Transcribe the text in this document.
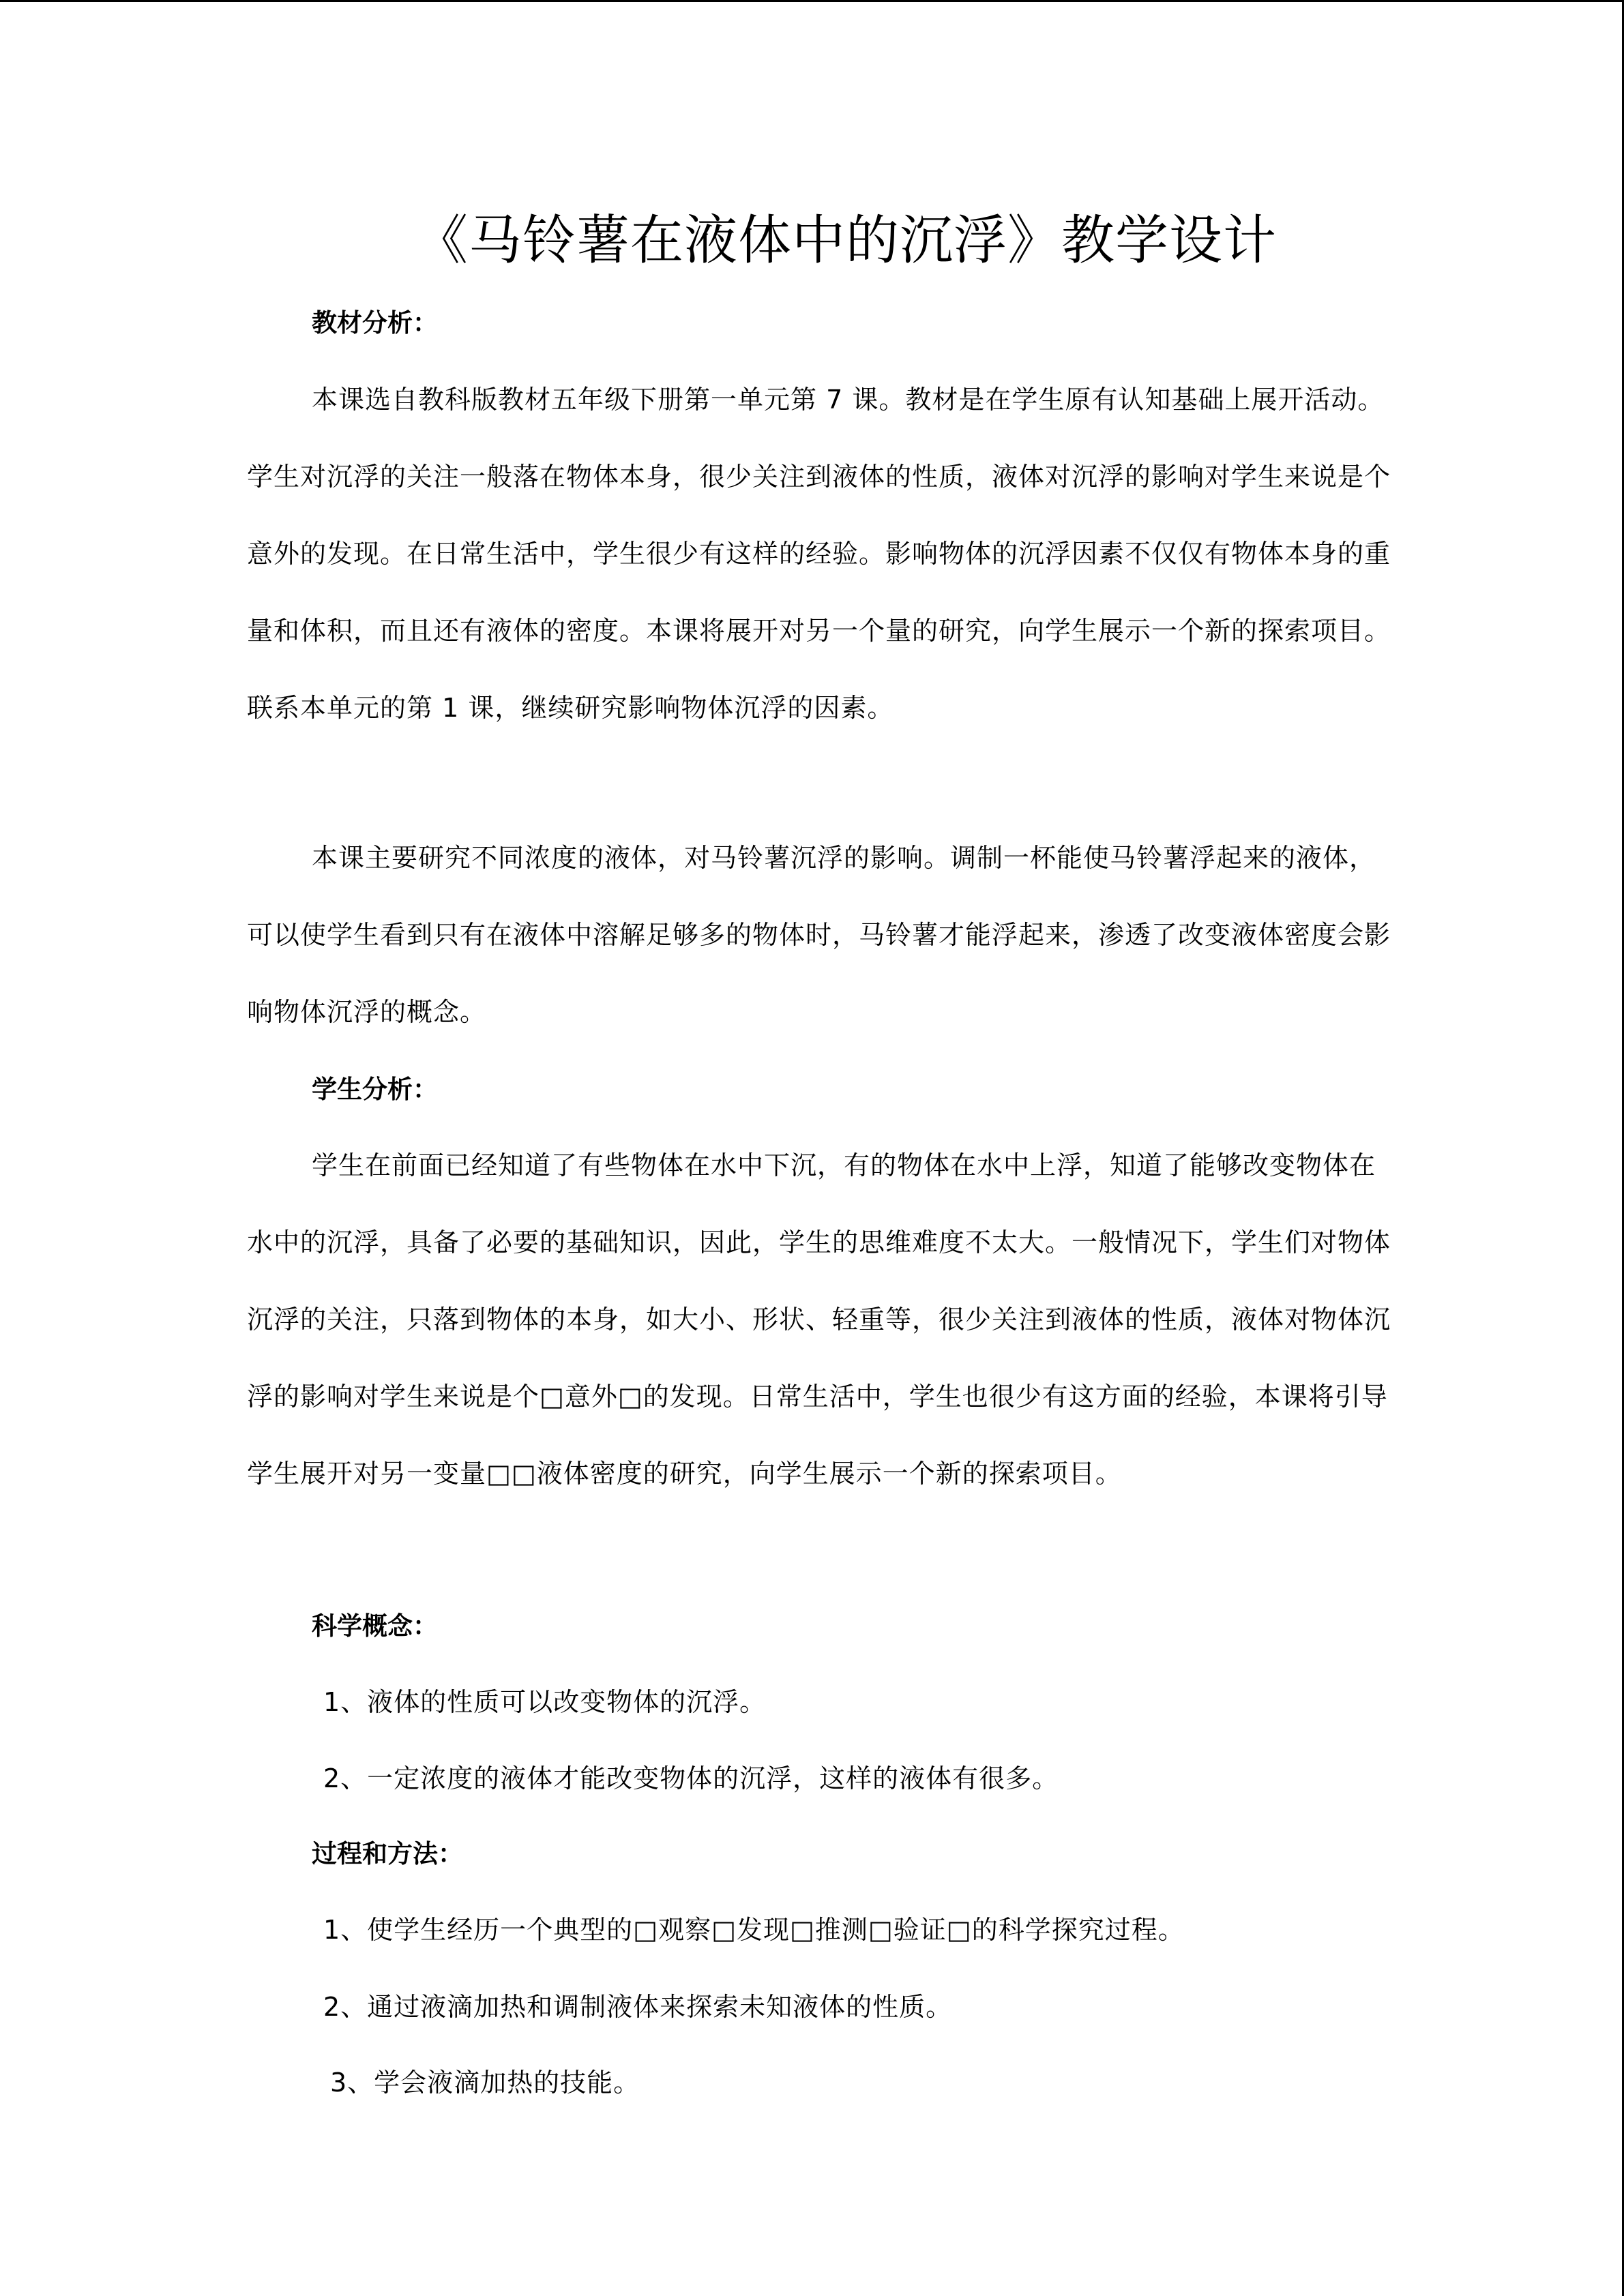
《马铃薯在液体中的沉浮》教学设计
教材分析：
本课选自教科版教材五年级下册第一单元第 7 课。教材是在学生原有认知基础上展开活动。学生对沉浮的关注一般落在物体本身，很少关注到液体的性质，液体对沉浮的影响对学生来说是个意外的发现。在日常生活中，学生很少有这样的经验。影响物体的沉浮因素不仅仅有物体本身的重量和体积，而且还有液体的密度。本课将展开对另一个量的研究，向学生展示一个新的探索项目。联系本单元的第 1 课，继续研究影响物体沉浮的因素。
本课主要研究不同浓度的液体，对马铃薯沉浮的影响。调制一杯能使马铃薯浮起来的液体，可以使学生看到只有在液体中溶解足够多的物体时，马铃薯才能浮起来，渗透了改变液体密度会影响物体沉浮的概念。
学生分析：
学生在前面已经知道了有些物体在水中下沉，有的物体在水中上浮，知道了能够改变物体在水中的沉浮，具备了必要的基础知识，因此，学生的思维难度不太大。一般情况下，学生们对物体沉浮的关注，只落到物体的本身，如大小、形状、轻重等，很少关注到液体的性质，液体对物体沉浮的影响对学生来说是个□意外□的发现。日常生活中，学生也很少有这方面的经验，本课将引导学生展开对另一变量□□液体密度的研究，向学生展示一个新的探索项目。
科学概念：
1、液体的性质可以改变物体的沉浮。
2、一定浓度的液体才能改变物体的沉浮，这样的液体有很多。
过程和方法：
1、使学生经历一个典型的□观察□发现□推测□验证□的科学探究过程。
2、通过液滴加热和调制液体来探索未知液体的性质。
3、学会液滴加热的技能。
